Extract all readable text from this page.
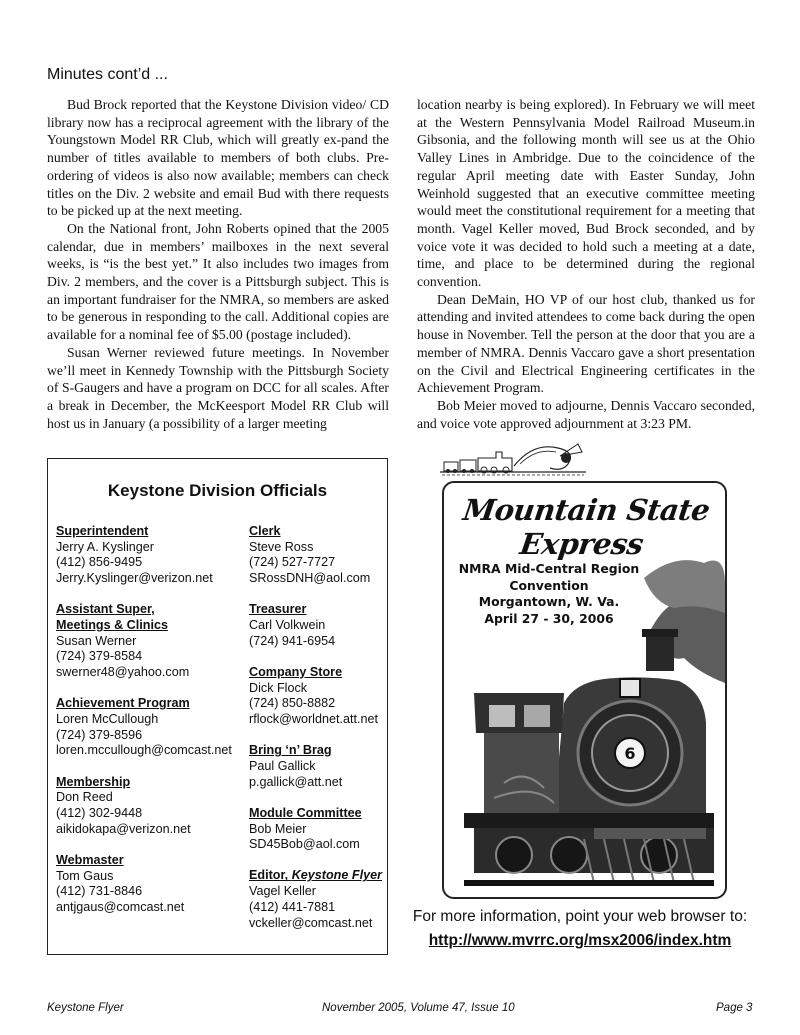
Minutes cont’d ...

Bud Brock reported that the Keystone Division video/ CD library now has a reciprocal agreement with the library of the Youngstown Model RR Club, which will greatly ex-pand the number of titles available to members of both clubs. Pre-ordering of videos is also now available; members can check titles on the Div. 2 website and email Bud with there requests to be picked up at the next meeting.

On the National front, John Roberts opined that the 2005 calendar, due in members’ mailboxes in the next several weeks, is “is the best yet.” It also includes two images from Div. 2 members, and the cover is a Pittsburgh subject. This is an important fundraiser for the NMRA, so members are asked to be generous in responding to the call. Additional copies are available for a nominal fee of $5.00 (postage included).

Susan Werner reviewed future meetings. In November we’ll meet in Kennedy Township with the Pittsburgh Society of S-Gaugers and have a program on DCC for all scales. After a break in December, the McKeesport Model RR Club will host us in January (a possibility of a larger meeting

location nearby is being explored). In February we will meet at the Western Pennsylvania Model Railroad Museum.in Gibsonia, and the following month will see us at the Ohio Valley Lines in Ambridge. Due to the coincidence of the regular April meeting date with Easter Sunday, John Weinhold suggested that an executive committee meeting would meet the constitutional requirement for a meeting that month. Vagel Keller moved, Bud Brock seconded, and by voice vote it was decided to hold such a meeting at a date, time, and place to be determined during the regional convention.

Dean DeMain, HO VP of our host club, thanked us for attending and invited attendees to come back during the open house in November. Tell the person at the door that you are a member of NMRA. Dennis Vaccaro gave a short presentation on the Civil and Electrical Engineering certificates in the Achievement Program.

Bob Meier moved to adjourne, Dennis Vaccaro seconded, and voice vote approved adjournment at 3:23 PM.

Keystone Division Officials
Superintendent
Jerry A. Kyslinger
(412) 856-9495
Jerry.Kyslinger@verizon.net
Assistant Super,
Meetings & Clinics
Susan Werner
(724) 379-8584
swerner48@yahoo.com
Achievement Program
Loren McCullough
(724) 379-8596
loren.mccullough@comcast.net
Membership
Don Reed
(412) 302-9448
aikidokapa@verizon.net
Webmaster
Tom Gaus
(412) 731-8846
antjgaus@comcast.net
Clerk
Steve Ross
(724) 527-7727
SRossDNH@aol.com
Treasurer
Carl Volkwein
(724) 941-6954
Company Store
Dick Flock
(724) 850-8882
rflock@worldnet.att.net
Bring ‘n’ Brag
Paul Gallick
p.gallick@att.net
Module Committee
Bob Meier
SD45Bob@aol.com
Editor, Keystone Flyer
Vagel Keller
(412) 441-7881
vckeller@comcast.net
6
Mountain State Express
NMRA Mid-Central Region
Convention
Morgantown, W. Va.
April 27 - 30, 2006
For more information, point your web browser to:
http://www.mvrrc.org/msx2006/index.htm
Keystone Flyer	November 2005, Volume 47, Issue 10	Page 3
